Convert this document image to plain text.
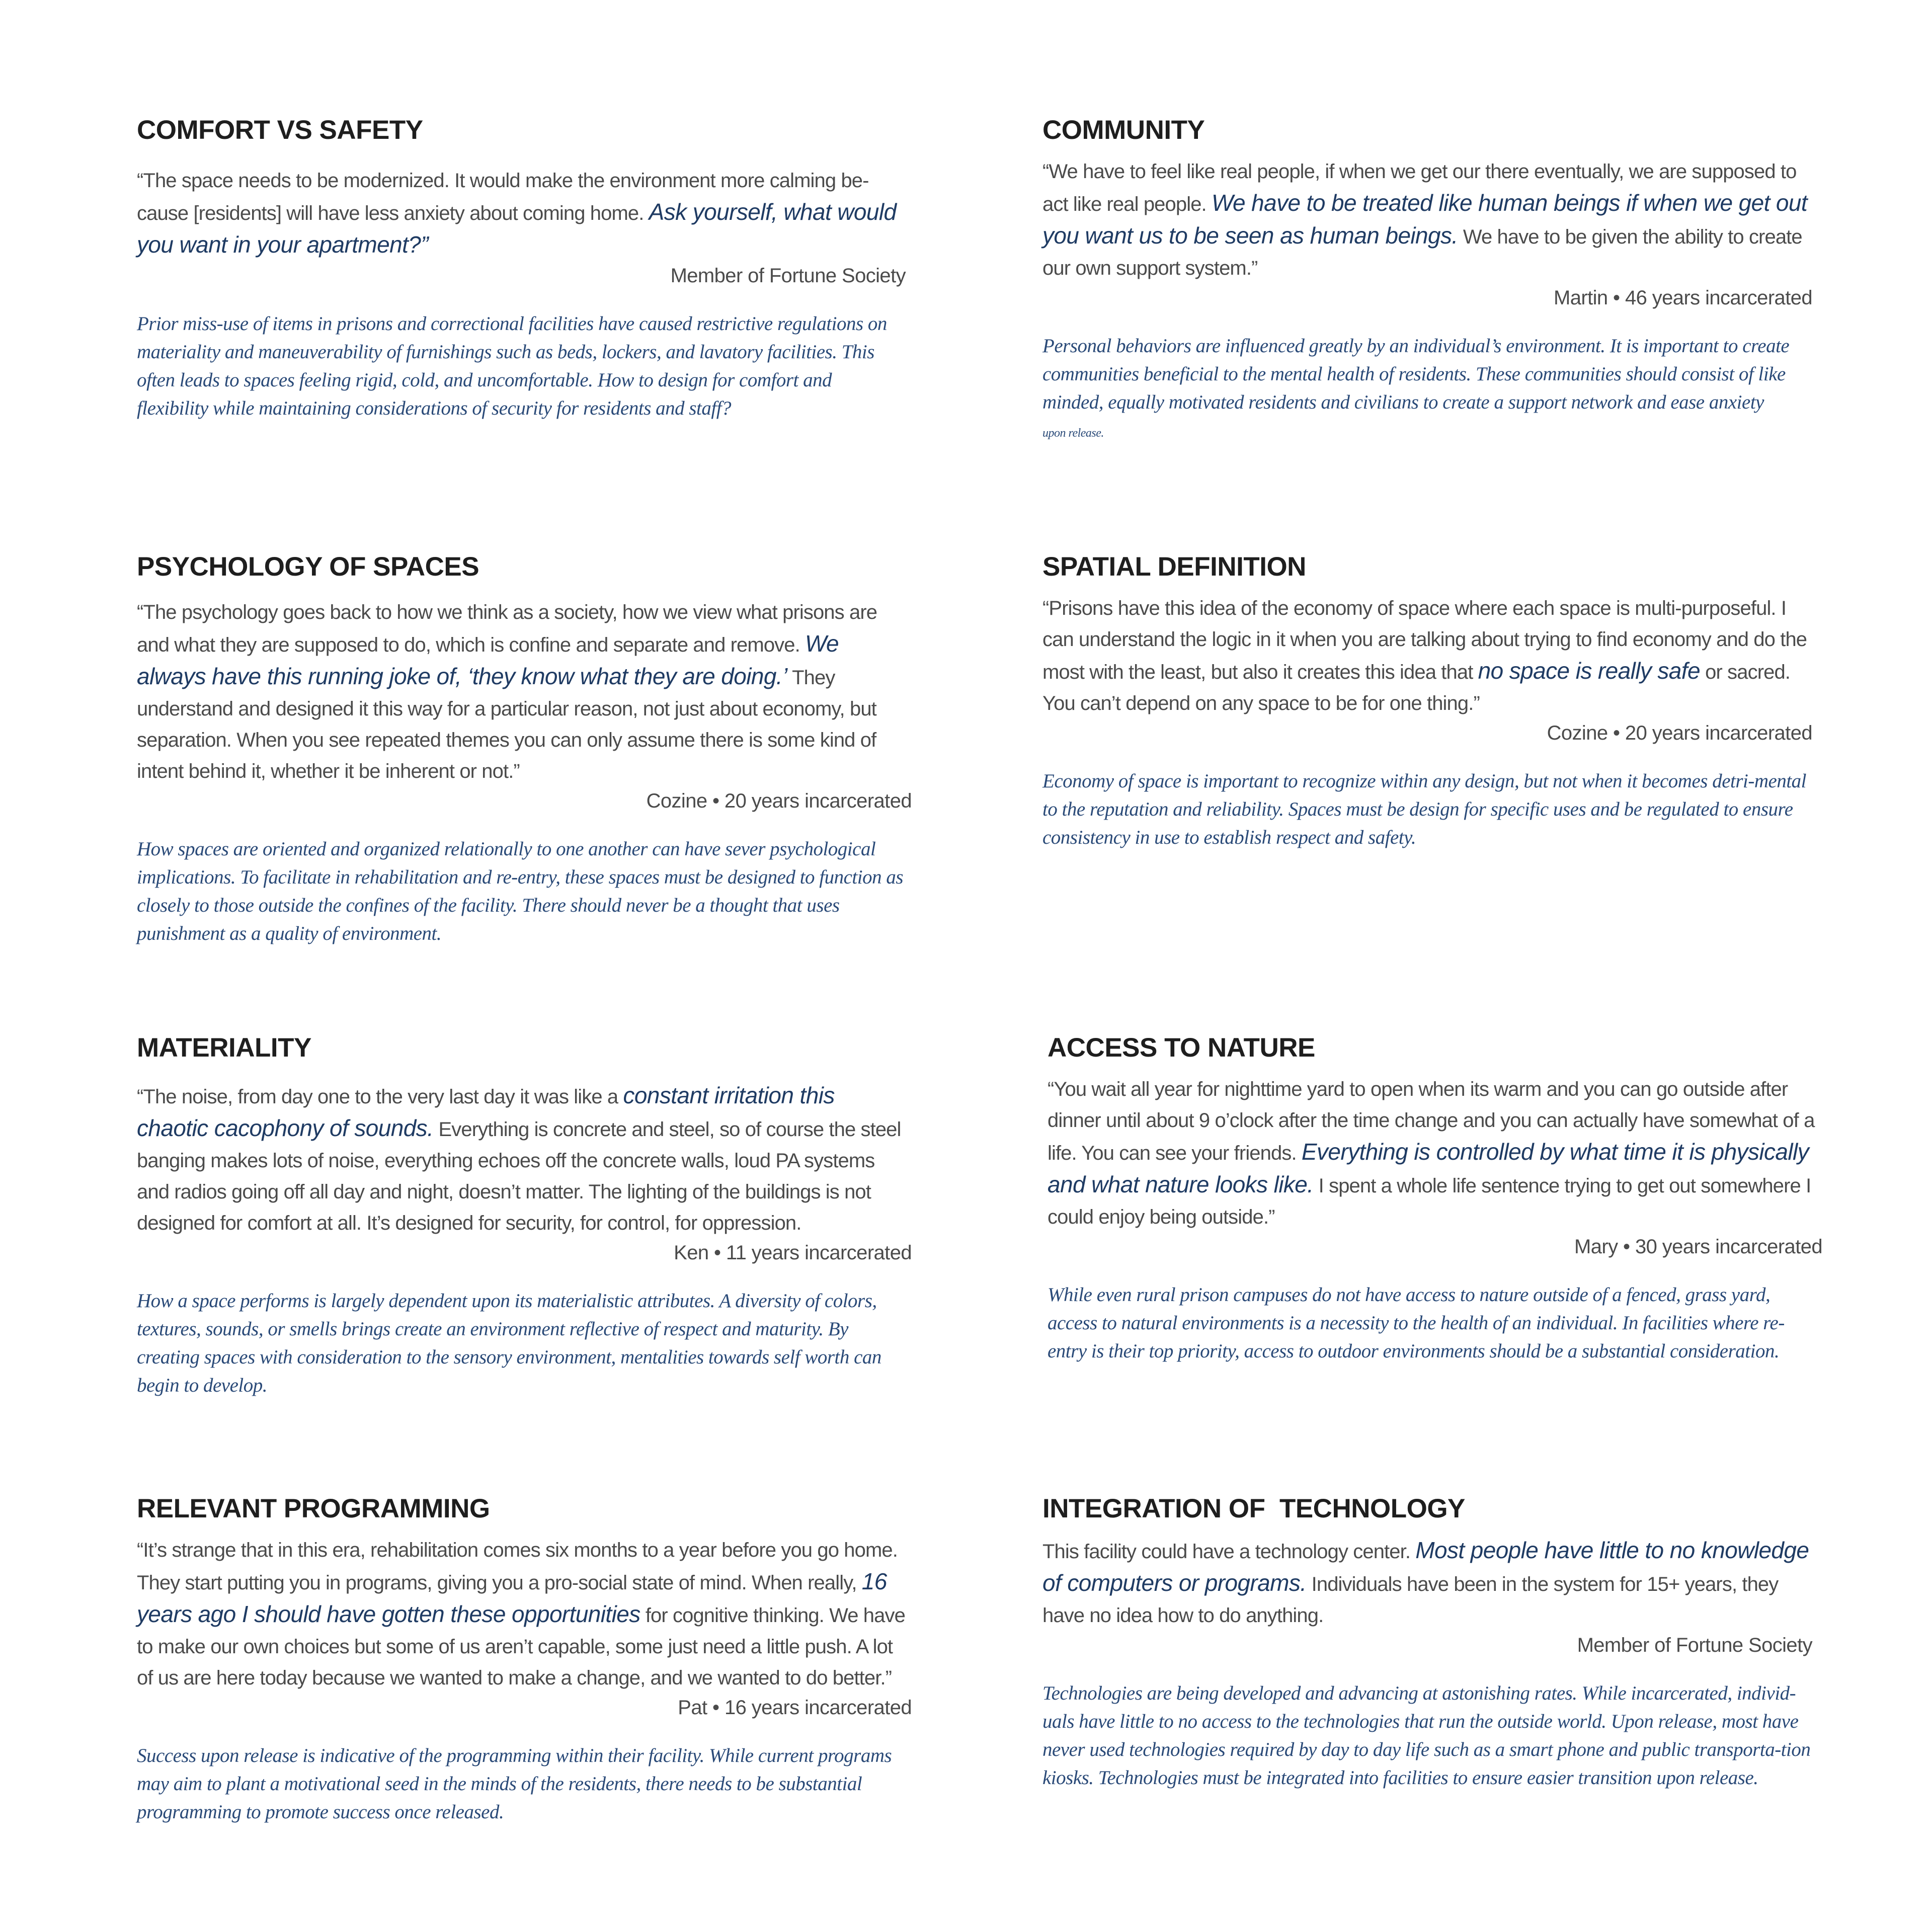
COMFORT VS SAFETY
“The space needs to be modernized. It would make the environment more calming be-cause [residents] will have less anxiety about coming home. Ask yourself, what would you want in your apartment?”
Member of Fortune Society
Prior miss-use of items in prisons and correctional facilities have caused restrictive regulations on materiality and maneuverability of furnishings such as beds, lockers, and lavatory facilities. This often leads to spaces feeling rigid, cold, and uncomfortable. How to design for comfort and flexibility while maintaining considerations of security for residents and staff?
COMMUNITY
“We have to feel like real people, if when we get our there eventually, we are supposed to act like real people. We have to be treated like human beings if when we get out you want us to be seen as human beings. We have to be given the ability to create our own support system.”
Martin • 46 years incarcerated
Personal behaviors are influenced greatly by an individual’s environment. It is important to create communities beneficial to the mental health of residents. These communities should consist of like minded, equally motivated residents and civilians to create a support network and ease anxiety
upon release.
PSYCHOLOGY OF SPACES
“The psychology goes back to how we think as a society, how we view what prisons are and what they are supposed to do, which is confine and separate and remove. We always have this running joke of, ‘they know what they are doing.’ They understand and designed it this way for a particular reason, not just about economy, but separation. When you see repeated themes you can only assume there is some kind of intent behind it, whether it be inherent or not.”
Cozine • 20 years incarcerated
How spaces are oriented and organized relationally to one another can have sever psychological implications. To facilitate in rehabilitation and re-entry, these spaces must be designed to function as closely to those outside the confines of the facility. There should never be a thought that uses punishment as a quality of environment.
SPATIAL DEFINITION
“Prisons have this idea of the economy of space where each space is multi-purposeful. I can understand the logic in it when you are talking about trying to find economy and do the most with the least, but also it creates this idea that no space is really safe or sacred. You can’t depend on any space to be for one thing.”
Cozine • 20 years incarcerated
Economy of space is important to recognize within any design, but not when it becomes detri-mental to the reputation and reliability. Spaces must be design for specific uses and be regulated to ensure consistency in use to establish respect and safety.
MATERIALITY
“The noise, from day one to the very last day it was like a constant irritation this chaotic cacophony of sounds. Everything is concrete and steel, so of course the steel banging makes lots of noise, everything echoes off the concrete walls, loud PA systems and radios going off all day and night, doesn’t matter. The lighting of the buildings is not designed for comfort at all. It’s designed for security, for control, for oppression.
Ken • 11 years incarcerated
How a space performs is largely dependent upon its materialistic attributes. A diversity of colors, textures, sounds, or smells brings create an environment reflective of respect and maturity. By creating spaces with consideration to the sensory environment, mentalities towards self worth can begin to develop.
ACCESS TO NATURE
“You wait all year for nighttime yard to open when its warm and you can go outside after dinner until about 9 o’clock after the time change and you can actually have somewhat of a life. You can see your friends. Everything is controlled by what time it is physically and what nature looks like. I spent a whole life sentence trying to get out somewhere I could enjoy being outside.”
Mary • 30 years incarcerated
While even rural prison campuses do not have access to nature outside of a fenced, grass yard, access to natural environments is a necessity to the health of an individual. In facilities where re-entry is their top priority, access to outdoor environments should be a substantial consideration.
RELEVANT PROGRAMMING
“It’s strange that in this era, rehabilitation comes six months to a year before you go home. They start putting you in programs, giving you a pro-social state of mind. When really, 16 years ago I should have gotten these opportunities for cognitive thinking. We have to make our own choices but some of us aren’t capable, some just need a little push. A lot of us are here today because we wanted to make a change, and we wanted to do better.”
Pat • 16 years incarcerated
Success upon release is indicative of the programming within their facility. While current programs may aim to plant a motivational seed in the minds of the residents, there needs to be substantial programming to promote success once released.
INTEGRATION OF  TECHNOLOGY
This facility could have a technology center. Most people have little to no knowledge of computers or programs. Individuals have been in the system for 15+ years, they have no idea how to do anything.
Member of Fortune Society
Technologies are being developed and advancing at astonishing rates. While incarcerated, individ-uals have little to no access to the technologies that run the outside world. Upon release, most have never used technologies required by day to day life such as a smart phone and public transporta-tion kiosks. Technologies must be integrated into facilities to ensure easier transition upon release.
